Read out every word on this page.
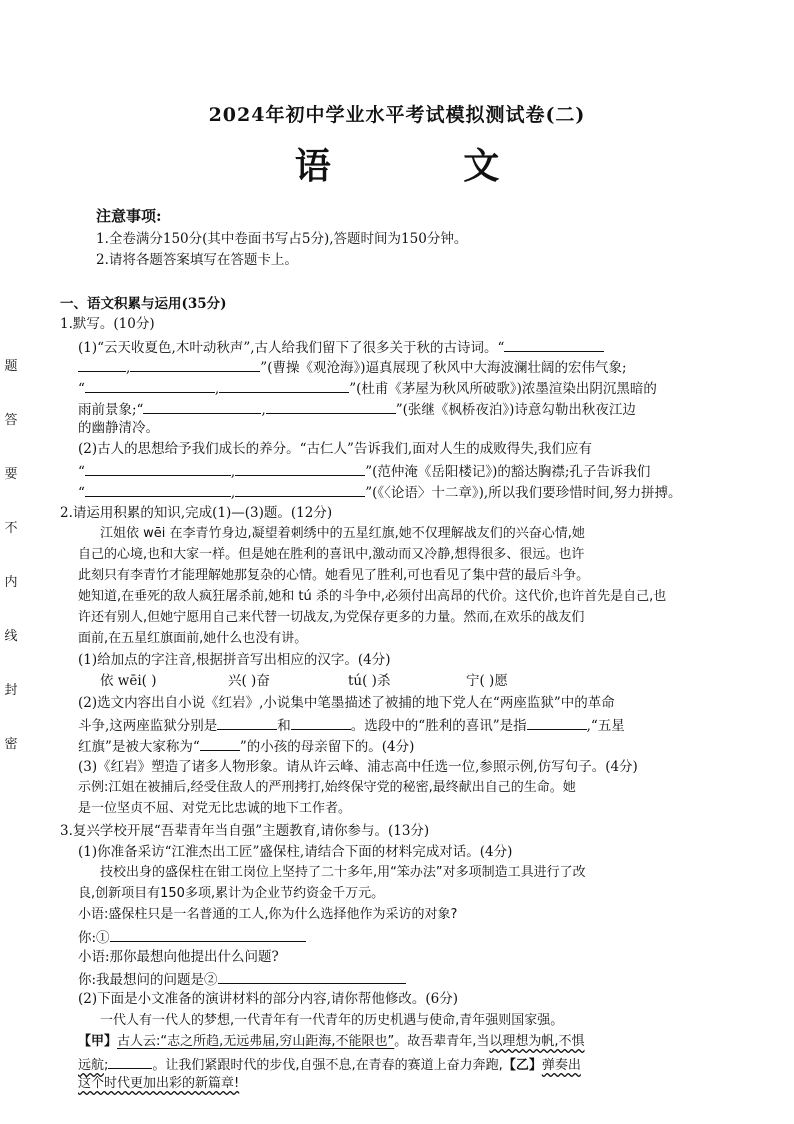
2024年初中学业水平考试模拟测试卷(二)
语 文
题
答
要
不
内
线
封
密
注意事项:
1.全卷满分150分(其中卷面书写占5分),答题时间为150分钟。
2.请将各题答案填写在答题卡上。
一、语文积累与运用(35分)
1.默写。(10分)
(1)“云天收夏色,木叶动秋声”,古人给我们留下了很多关于秋的古诗词。“
,	”(曹操《观沧海》)逼真展现了秋风中大海波澜壮阔的宏伟气象;
“	,	”(杜甫《茅屋为秋风所破歌》)浓墨渲染出阴沉黑暗的
雨前景象;“	,	”(张继《枫桥夜泊》)诗意勾勒出秋夜江边
的幽静清冷。
(2)古人的思想给予我们成长的养分。“古仁人”告诉我们,面对人生的成败得失,我们应有
“	,	”(范仲淹《岳阳楼记》)的豁达胸襟;孔子告诉我们
“	,	”(《〈论语〉十二章》),所以我们要珍惜时间,努力拼搏。
2.请运用积累的知识,完成(1)—(3)题。(12分)
江姐依 wēi 在李青竹身边,凝望着刺绣中的五星红旗,她不仅理解战友们的兴奋心情,她
自己的心境,也和大家一样。但是她在胜利的喜讯中,激动而又冷静,想得很多、很远。也许
此刻只有李青竹才能理解她那复杂的心情。她看见了胜利,可也看见了集中营的最后斗争。
她知道,在垂死的敌人疯狂屠杀前,她和 tú 杀的斗争中,必须付出高昂的代价。这代价,也许首先是自己,也
许还有别人,但她宁愿用自己来代替一切战友,为党保存更多的力量。然而,在欢乐的战友们
面前,在五星红旗面前,她什么也没有讲。
(1)给加点的字注音,根据拼音写出相应的汉字。(4分)
依 wēi( )	兴( )奋	tú( )杀	宁( )愿
(2)选文内容出自小说《红岩》,小说集中笔墨描述了被捕的地下党人在“两座监狱”中的革命
斗争,这两座监狱分别是	和	。选段中的“胜利的喜讯”是指	,“五星
红旗”是被大家称为“	”的小孩的母亲留下的。(4分)
(3)《红岩》塑造了诸多人物形象。请从许云峰、浦志高中任选一位,参照示例,仿写句子。(4分)
示例:江姐在被捕后,经受住敌人的严刑拷打,始终保守党的秘密,最终献出自己的生命。她
是一位坚贞不屈、对党无比忠诚的地下工作者。
3.复兴学校开展“吾辈青年当自强”主题教育,请你参与。(13分)
(1)你准备采访“江淮杰出工匠”盛保柱,请结合下面的材料完成对话。(4分)
技校出身的盛保柱在钳工岗位上坚持了二十多年,用“笨办法”对多项制造工具进行了改
良,创新项目有150多项,累计为企业节约资金千万元。
小语:盛保柱只是一名普通的工人,你为什么选择他作为采访的对象?
你:①
小语:那你最想向他提出什么问题?
你:我最想问的问题是②
(2)下面是小文准备的演讲材料的部分内容,请你帮他修改。(6分)
一代人有一代人的梦想,一代青年有一代青年的历史机遇与使命,青年强则国家强。
【甲】古人云:“志之所趋,无远弗届,穷山距海,不能限也”。故吾辈青年,当以理想为帆,不惧
远航;	。让我们紧跟时代的步伐,自强不息,在青春的赛道上奋力奔跑,【乙】弹奏出
这个时代更加出彩的新篇章!
